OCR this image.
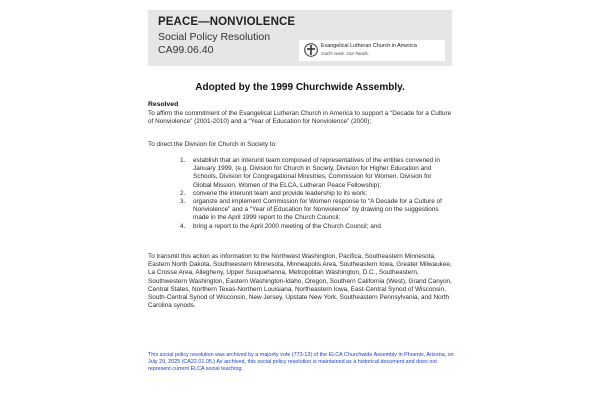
PEACE—NONVIOLENCE
Social Policy Resolution
CA99.06.40	Evangelical Lutheran Church in America
God's work. Our hands.
Adopted by the 1999 Churchwide Assembly.
Resolved
To affirm the commitment of the Evangelical Lutheran Church in America to support a “Decade for a Culture of Nonviolence” (2001-2010) and a “Year of Education for Nonviolence” (2000);
To direct the Division for Church in Society to:
1. establish that an interunit team composed of representatives of the entities convened in January 1999, (e.g. Division for Church in Society, Division for Higher Education and Schools, Division for Congregational Ministries, Commission for Women, Division for Global Mission, Women of the ELCA, Lutheran Peace Fellowship);
2. convene the interunit team and provide leadership to its work;
3. organize and implement Commission for Women response to “A Decade for a Culture of Nonviolence” and a “Year of Education for Nonviolence” by drawing on the suggestions made in the April 1999 report to the Church Council;
4. bring a report to the April 2000 meeting of the Church Council; and
To transmit this action as information to the Northwest Washington, Pacifica, Southeastern Minnesota, Eastern North Dakota, Southwestern Minnesota, Minneapolis Area, Southeastern Iowa, Greater Milwaukee, La Crosse Area, Allegheny, Upper Susquehanna, Metropolitan Washington, D.C., Southeastern, Southwestern Washington, Eastern Washington-Idaho, Oregon, Southern California (West), Grand Canyon, Central States, Northern Texas-Northern Louisiana, Northeastern Iowa, East-Central Synod of Wisconsin, South-Central Synod of Wisconsin, New Jersey, Upstate New York, Southeastern Pennsylvania, and North Carolina synods.
This social policy resolution was archived by a majority vote (773-13) of the ELCA Churchwide Assembly in Phoenix, Arizona, on July 29, 2025 (CA22.01.05.) As archived, this social policy resolution is maintained as a historical document and does not represent current ELCA social teaching.
